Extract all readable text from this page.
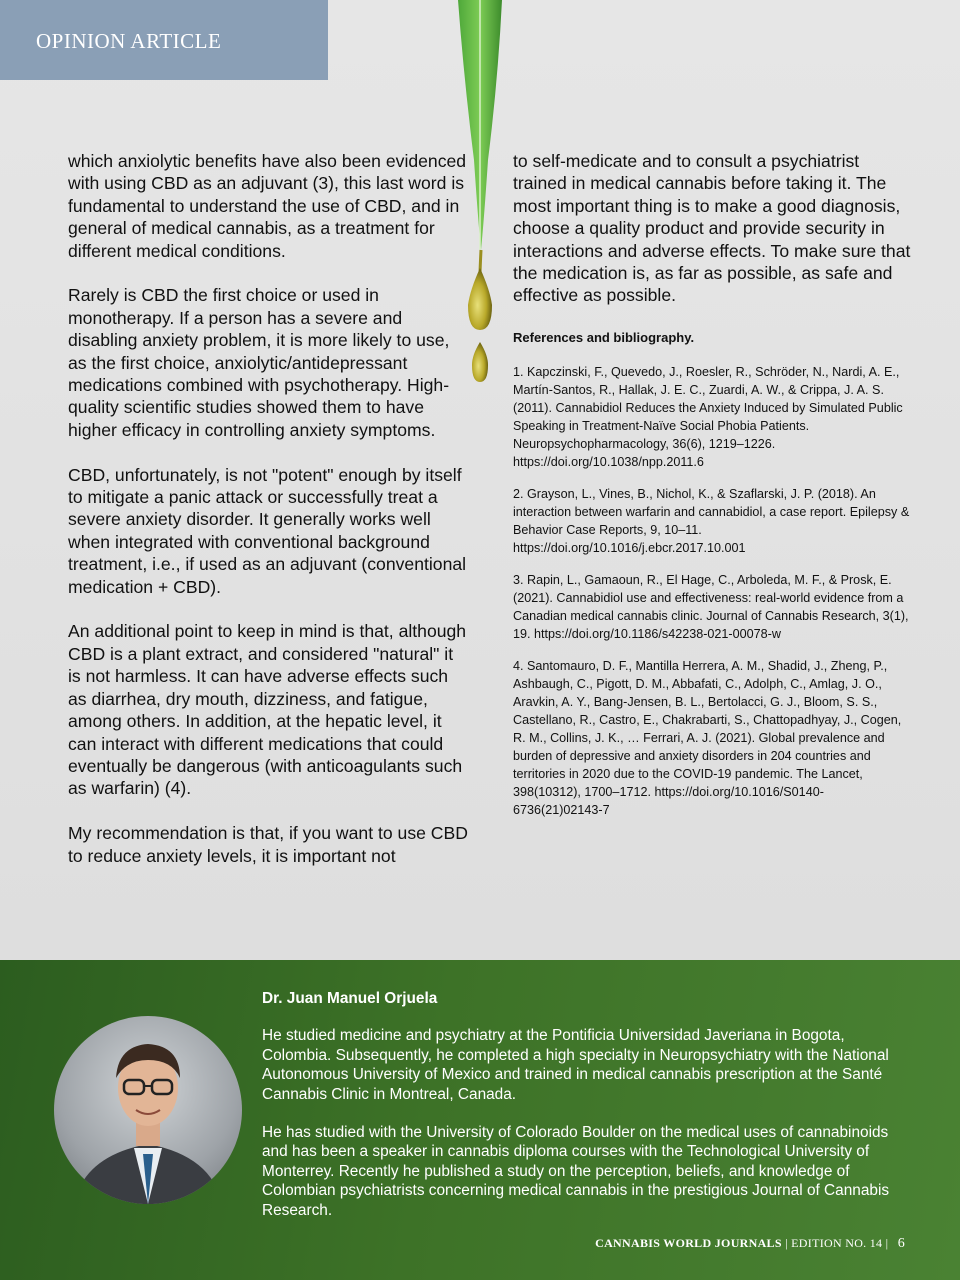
OPINION ARTICLE

which anxiolytic benefits have also been evidenced with using CBD as an adjuvant (3), this last word is fundamental to understand the use of CBD, and in general of medical cannabis, as a treatment for different medical conditions.

Rarely is CBD the first choice or used in monotherapy. If a person has a severe and disabling anxiety problem, it is more likely to use, as the first choice, anxiolytic/antidepressant medications combined with psychotherapy. High-quality scientific studies showed them to have higher efficacy in controlling anxiety symptoms.

CBD, unfortunately, is not "potent" enough by itself to mitigate a panic attack or successfully treat a severe anxiety disorder. It generally works well when integrated with conventional background treatment, i.e., if used as an adjuvant (conventional medication + CBD).

An additional point to keep in mind is that, although CBD is a plant extract, and considered "natural" it is not harmless. It can have adverse effects such as diarrhea, dry mouth, dizziness, and fatigue, among others. In addition, at the hepatic level, it can interact with different medications that could eventually be dangerous (with anticoagulants such as warfarin) (4).

My recommendation is that, if you want to use CBD to reduce anxiety levels, it is important not

to self-medicate and to consult a psychiatrist trained in medical cannabis before taking it. The most important thing is to make a good diagnosis, choose a quality product and provide security in interactions and adverse effects. To make sure that the medication is, as far as possible, as safe and effective as possible.

References and bibliography.

1. Kapczinski, F., Quevedo, J., Roesler, R., Schröder, N., Nardi, A. E., Martín-Santos, R., Hallak, J. E. C., Zuardi, A. W., & Crippa, J. A. S. (2011). Cannabidiol Reduces the Anxiety Induced by Simulated Public Speaking in Treatment-Naïve Social Phobia Patients. Neuropsychopharmacology, 36(6), 1219–1226. https://doi.org/10.1038/npp.2011.6

2. Grayson, L., Vines, B., Nichol, K., & Szaflarski, J. P. (2018). An interaction between warfarin and cannabidiol, a case report. Epilepsy & Behavior Case Reports, 9, 10–11. https://doi.org/10.1016/j.ebcr.2017.10.001

3. Rapin, L., Gamaoun, R., El Hage, C., Arboleda, M. F., & Prosk, E. (2021). Cannabidiol use and effectiveness: real-world evidence from a Canadian medical cannabis clinic. Journal of Cannabis Research, 3(1), 19. https://doi.org/10.1186/s42238-021-00078-w

4. Santomauro, D. F., Mantilla Herrera, A. M., Shadid, J., Zheng, P., Ashbaugh, C., Pigott, D. M., Abbafati, C., Adolph, C., Amlag, J. O., Aravkin, A. Y., Bang-Jensen, B. L., Bertolacci, G. J., Bloom, S. S., Castellano, R., Castro, E., Chakrabarti, S., Chattopadhyay, J., Cogen, R. M., Collins, J. K., … Ferrari, A. J. (2021). Global prevalence and burden of depressive and anxiety disorders in 204 countries and territories in 2020 due to the COVID-19 pandemic. The Lancet, 398(10312), 1700–1712. https://doi.org/10.1016/S0140-6736(21)02143-7

Dr. Juan Manuel Orjuela

He studied medicine and psychiatry at the Pontificia Universidad Javeriana in Bogota, Colombia. Subsequently, he completed a high specialty in Neuropsychiatry with the National Autonomous University of Mexico and trained in medical cannabis prescription at the Santé Cannabis Clinic in Montreal, Canada.

He has studied with the University of Colorado Boulder on the medical uses of cannabinoids and has been a speaker in cannabis diploma courses with the Technological University of Monterrey. Recently he published a study on the perception, beliefs, and knowledge of Colombian psychiatrists concerning medical cannabis in the prestigious Journal of Cannabis Research.

CANNABIS WORLD JOURNALS | EDITION NO. 14 | 6
